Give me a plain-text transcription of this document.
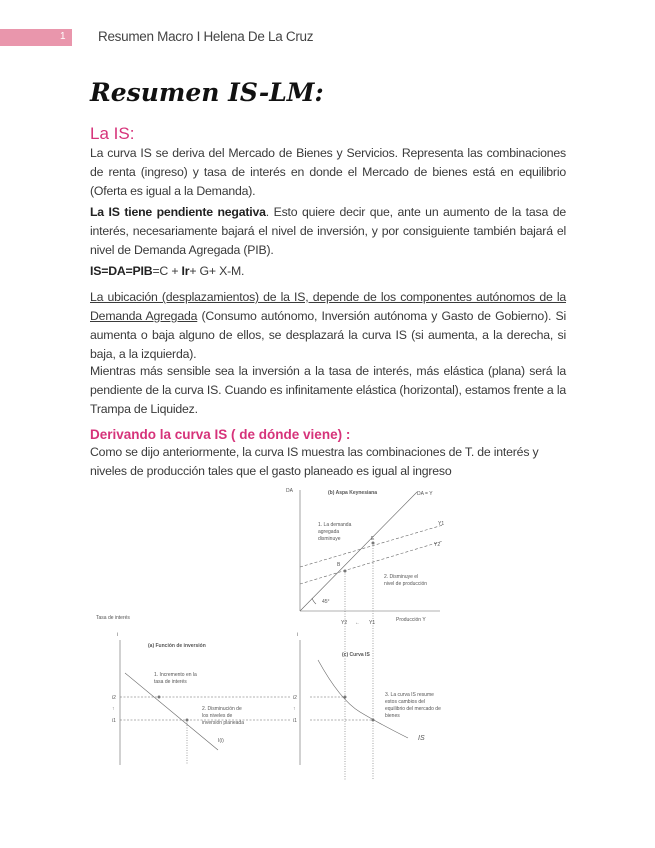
1 Resumen Macro I Helena De La Cruz
Resumen IS-LM:
La IS:
La curva IS se deriva del Mercado de Bienes y Servicios. Representa las combinaciones de renta (ingreso) y tasa de interés en donde el Mercado de bienes está en equilibrio (Oferta es igual a la Demanda).
La IS tiene pendiente negativa. Esto quiere decir que, ante un aumento de la tasa de interés, necesariamente bajará el nivel de inversión, y por consiguiente también bajará el nivel de Demanda Agregada (PIB).
IS=DA=PIB=C + Ir+ G+ X-M.
La ubicación (desplazamientos) de la IS, depende de los componentes autónomos de la Demanda Agregada (Consumo autónomo, Inversión autónoma y Gasto de Gobierno). Si aumenta o baja alguno de ellos, se desplazará la curva IS (si aumenta, a la derecha, si baja, a la izquierda).
Mientras más sensible sea la inversión a la tasa de interés, más elástica (plana) será la pendiente de la curva IS. Cuando es infinitamente elástica (horizontal), estamos frente a la Trampa de Liquidez.
Derivando la curva IS ( de dónde viene) :
Como se dijo anteriormente, la curva IS muestra las combinaciones de T. de interés y niveles de producción tales que el gasto planeado es igual al ingreso
DA	(b) Aspa Keynesiana	DA = Y
Y1
Y2
1. La demanda
agregada
disminuye
2. Disminuye el
nivel de producción
E
B
45°
Producción Y
Y2 ← Y1
Tasa de interés
i	i
(a) Función de inversión
1. Incremento en la
tasa de interés
2. Disminución de
los niveles de
inversión planeada
I(i)
i2
↑
i1
i2
↑
i1
(c) Curva IS
3. La curva IS resume
estos cambios del
equilibrio del mercado de
bienes
IS
